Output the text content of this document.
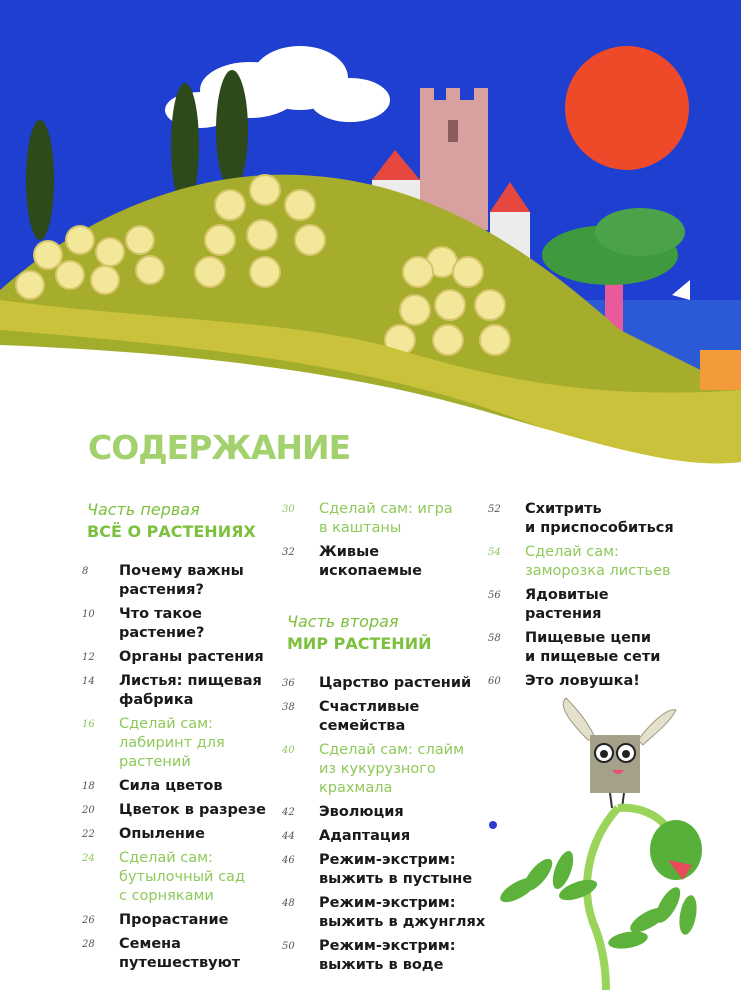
СОДЕРЖАНИЕ
Часть первая
ВСЁ О РАСТЕНИЯХ
8	Почему важны
растения?
10	Что такое
растение?
12	Органы растения
14	Листья: пищевая
фабрика
16	Сделай сам:
лабиринт для
растений
18	Сила цветов
20	Цветок в разрезе
22	Опыление
24	Сделай сам:
бутылочный сад
с сорняками
26	Прорастание
28	Семена
путешествуют
30	Сделай сам: игра
в каштаны
32	Живые
ископаемые
Часть вторая
МИР РАСТЕНИЙ
36	Царство растений
38	Счастливые
семейства
40	Сделай сам: слайм
из кукурузного
крахмала
42	Эволюция
44	Адаптация
46	Режим-экстрим:
выжить в пустыне
48	Режим-экстрим:
выжить в джунглях
50	Режим-экстрим:
выжить в воде
52	Схитрить
и приспособиться
54	Сделай сам:
заморозка листьев
56	Ядовитые растения
58	Пищевые цепи
и пищевые сети
60	Это ловушка!
